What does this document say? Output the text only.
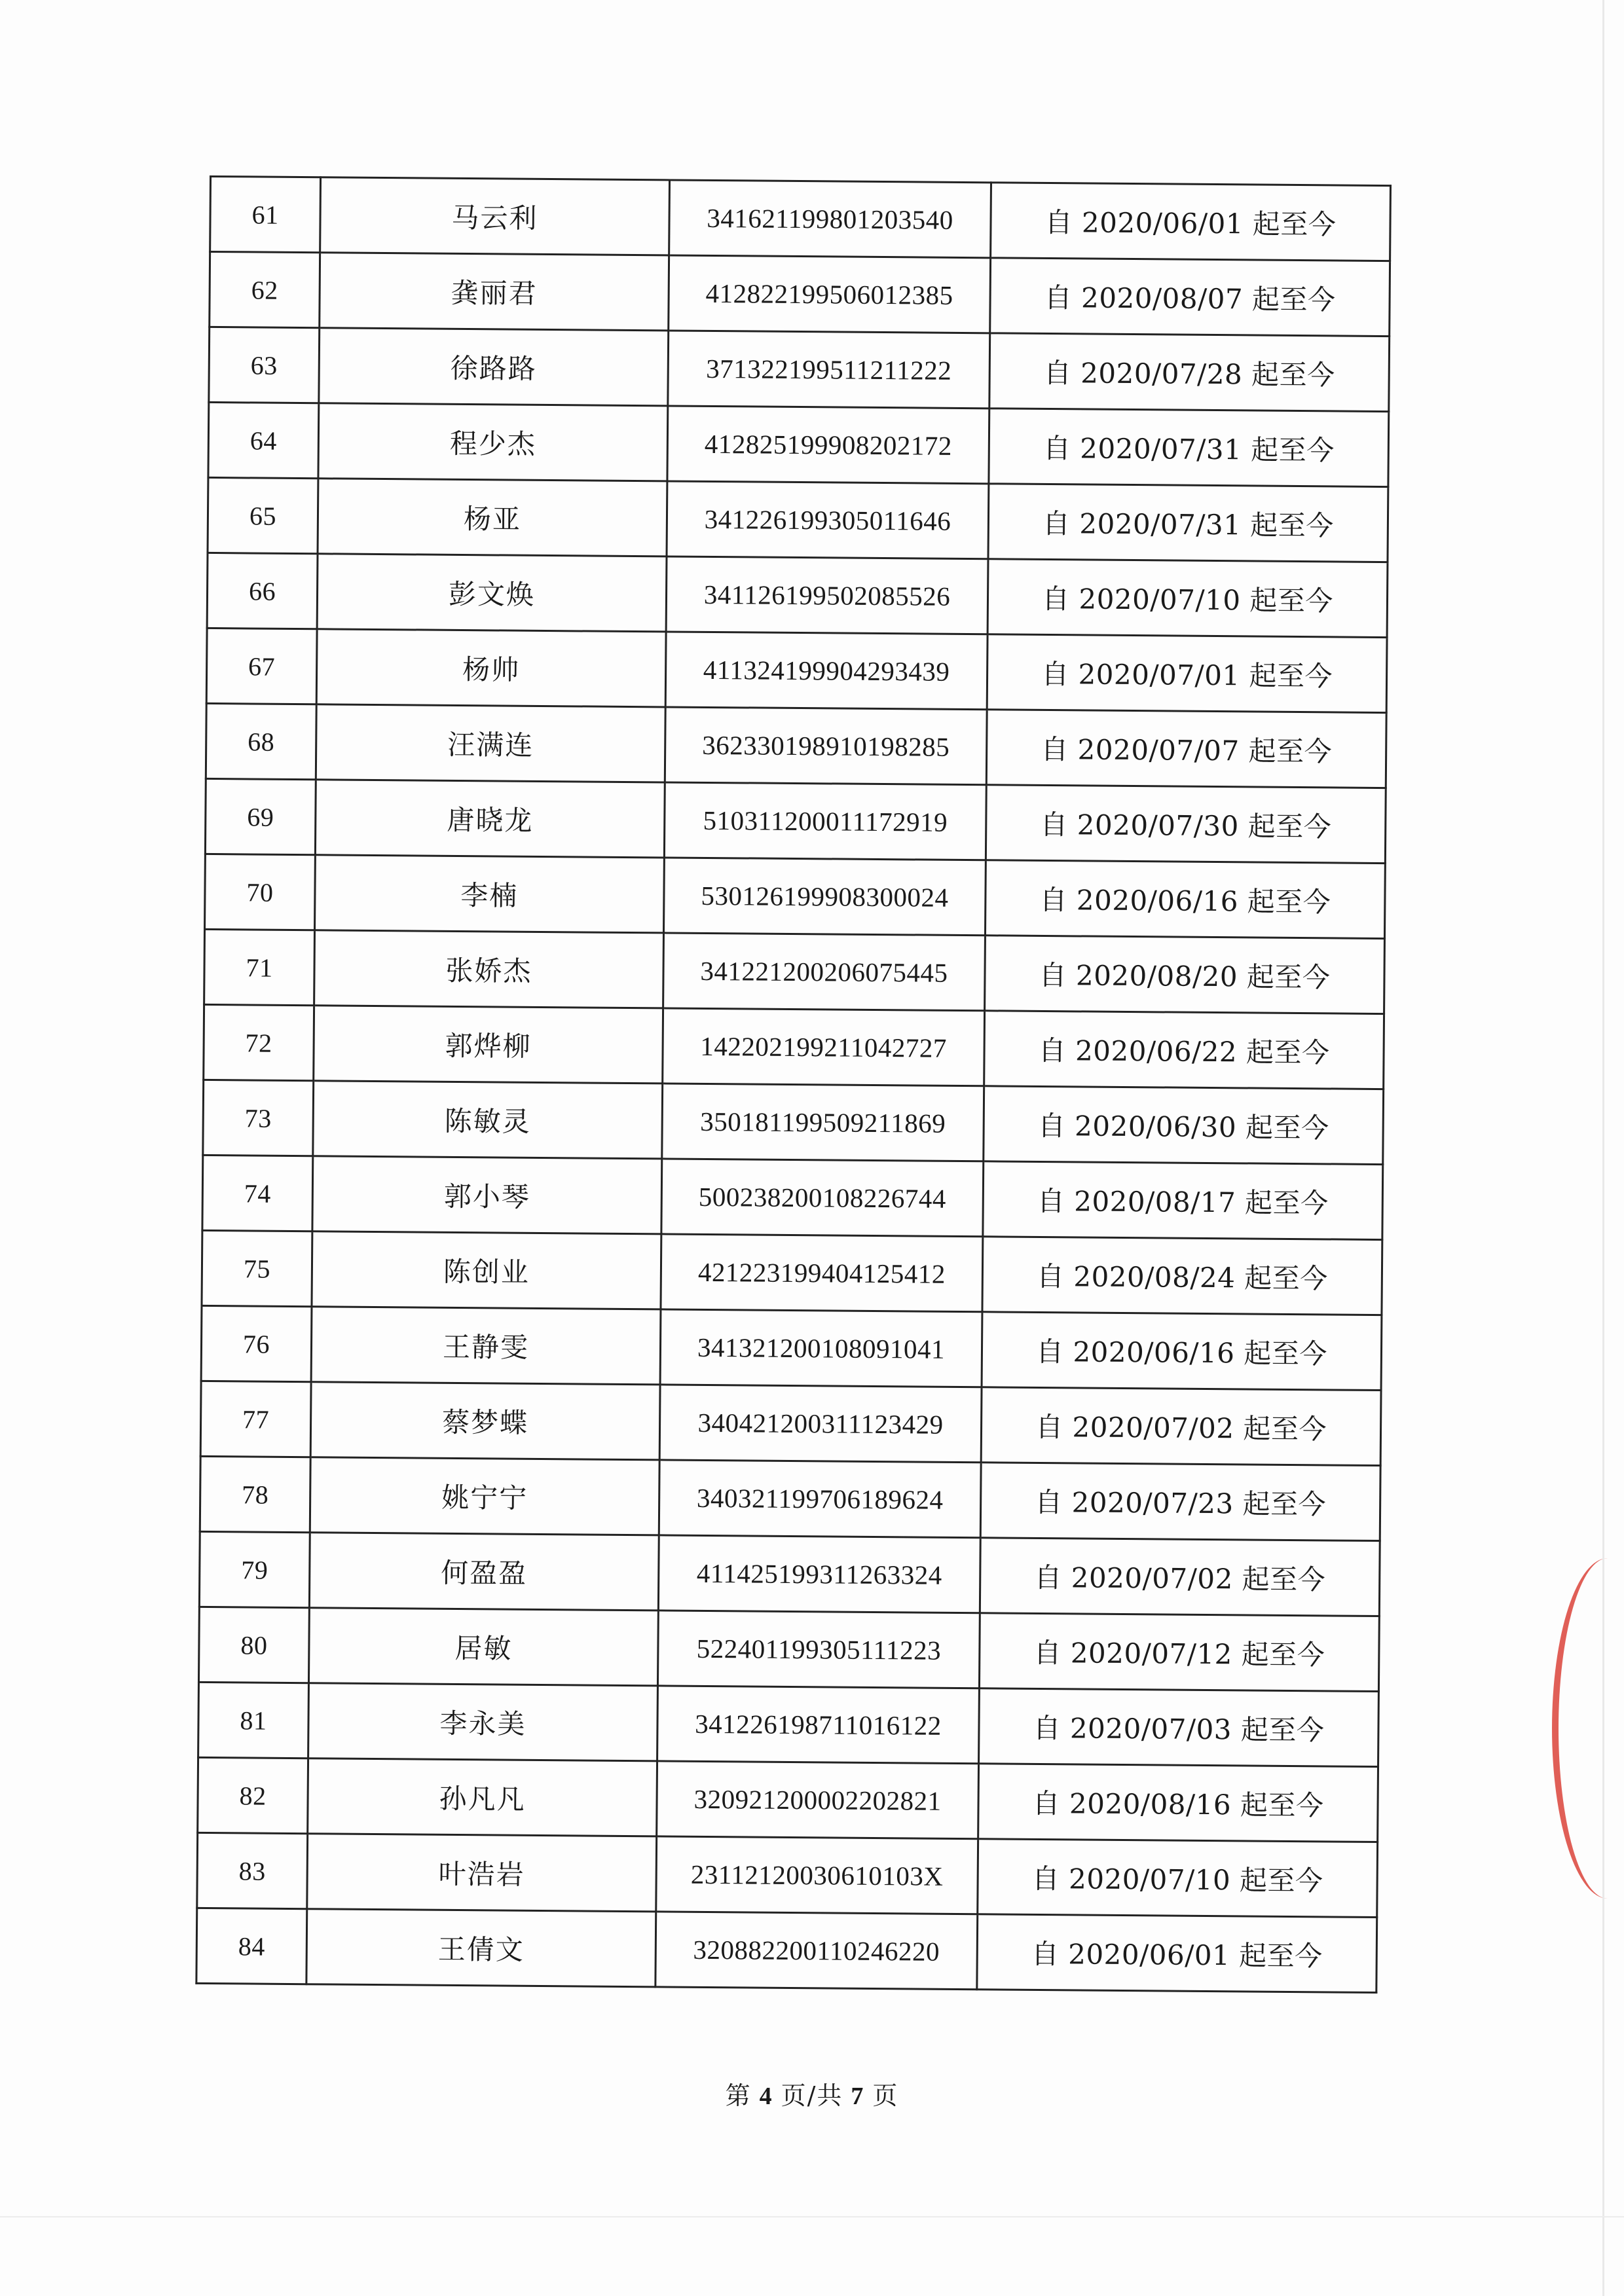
61	马云利	341621199801203540	自 2020/06/01 起至今
62	龚丽君	412822199506012385	自 2020/08/07 起至今
63	徐路路	371322199511211222	自 2020/07/28 起至今
64	程少杰	412825199908202172	自 2020/07/31 起至今
65	杨亚	341226199305011646	自 2020/07/31 起至今
66	彭文焕	341126199502085526	自 2020/07/10 起至今
67	杨帅	411324199904293439	自 2020/07/01 起至今
68	汪满连	362330198910198285	自 2020/07/07 起至今
69	唐晓龙	510311200011172919	自 2020/07/30 起至今
70	李楠	530126199908300024	自 2020/06/16 起至今
71	张娇杰	341221200206075445	自 2020/08/20 起至今
72	郭烨柳	142202199211042727	自 2020/06/22 起至今
73	陈敏灵	350181199509211869	自 2020/06/30 起至今
74	郭小琴	500238200108226744	自 2020/08/17 起至今
75	陈创业	421223199404125412	自 2020/08/24 起至今
76	王静雯	341321200108091041	自 2020/06/16 起至今
77	蔡梦蝶	340421200311123429	自 2020/07/02 起至今
78	姚宁宁	340321199706189624	自 2020/07/23 起至今
79	何盈盈	411425199311263324	自 2020/07/02 起至今
80	居敏	522401199305111223	自 2020/07/12 起至今
81	李永美	341226198711016122	自 2020/07/03 起至今
82	孙凡凡	320921200002202821	自 2020/08/16 起至今
83	叶浩岩	23112120030610103X	自 2020/07/10 起至今
84	王倩文	320882200110246220	自 2020/06/01 起至今
第 4 页/共 7 页
